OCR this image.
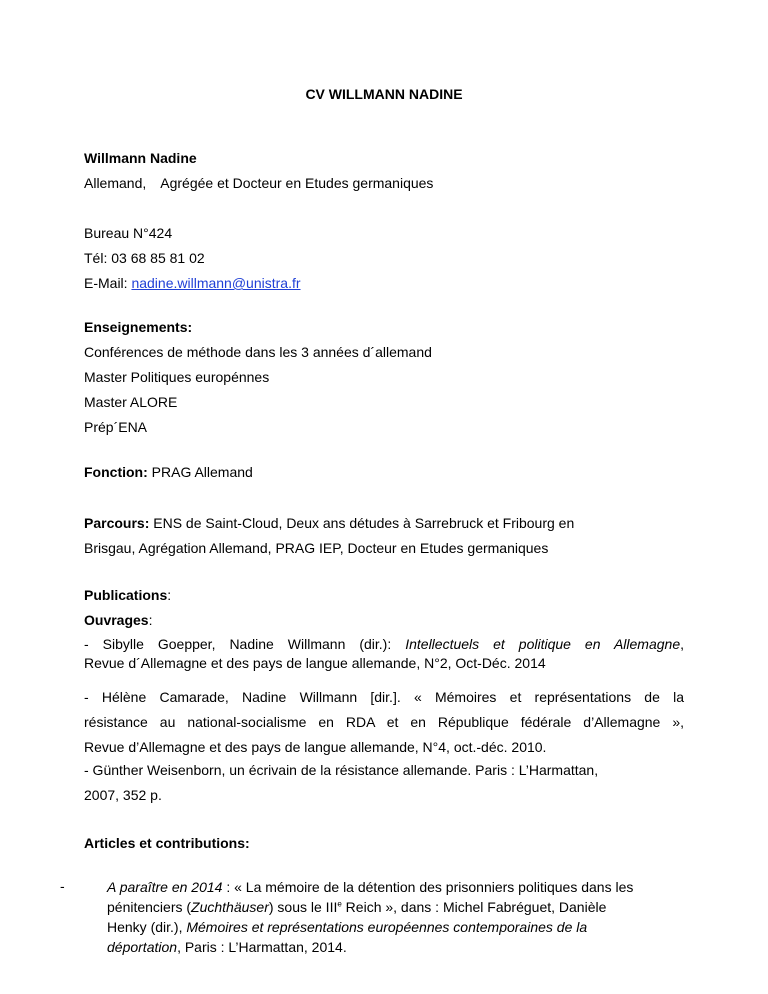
CV WILLMANN NADINE
Willmann Nadine
Allemand, Agrégée et Docteur en Etudes germaniques
Bureau N°424
Tél: 03 68 85 81 02
E-Mail: nadine.willmann@unistra.fr
Enseignements:
Conférences de méthode dans les 3 années d´allemand
Master Politiques europénnes
Master ALORE
Prép´ENA
Fonction: PRAG Allemand
Parcours: ENS de Saint-Cloud, Deux ans détudes à Sarrebruck et Fribourg en
Brisgau, Agrégation Allemand, PRAG IEP, Docteur en Etudes germaniques
Publications:
Ouvrages:
- Sibylle Goepper, Nadine Willmann (dir.): Intellectuels et politique en Allemagne,
Revue d´Allemagne et des pays de langue allemande, N°2, Oct-Déc. 2014
- Hélène Camarade, Nadine Willmann [dir.]. « Mémoires et représentations de la
résistance au national-socialisme en RDA et en République fédérale d’Allemagne »,
Revue d’Allemagne et des pays de langue allemande, N°4, oct.-déc. 2010.
- Günther Weisenborn, un écrivain de la résistance allemande. Paris : L’Harmattan,
2007, 352 p.
Articles et contributions:
-	A paraître en 2014 : « La mémoire de la détention des prisonniers politiques dans les
pénitenciers (Zuchthäuser) sous le IIIe Reich », dans : Michel Fabréguet, Danièle
Henky (dir.), Mémoires et représentations européennes contemporaines de la
déportation, Paris : L’Harmattan, 2014.
